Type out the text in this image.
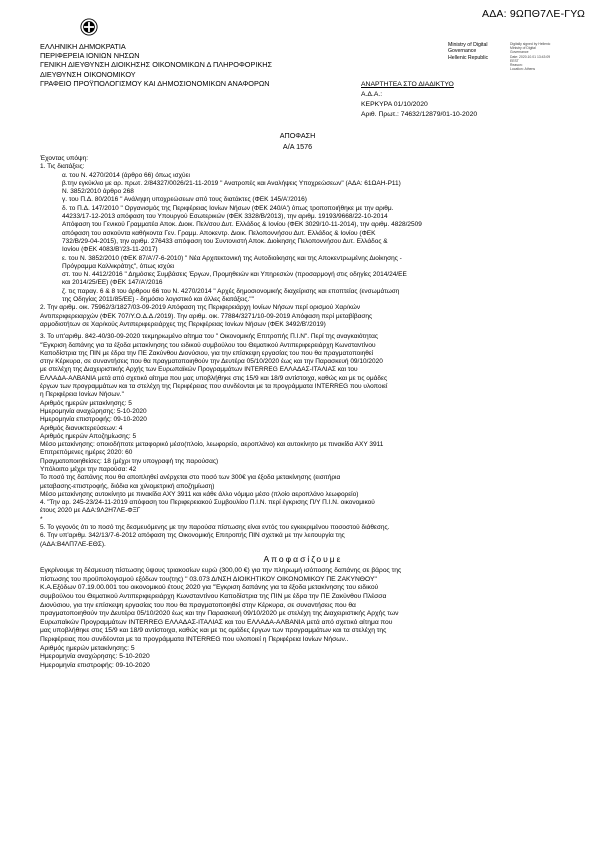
ΑΔΑ: 9ΩΠΘ7ΛΕ-ΓΥΩ
ΕΛΛΗΝΙΚΗ ΔΗΜΟΚΡΑΤΙΑ
ΠΕΡΙΦΕΡΕΙΑ ΙΟΝΙΩΝ ΝΗΣΩΝ
ΓΕΝΙΚΗ ΔΙΕΥΘΥΝΣΗ ΔΙΟΙΚΗΣΗΣ ΟΙΚΟΝΟΜΙΚΩΝ Δ ΠΛΗΡΟΦΟΡΙΚΗΣ
ΔΙΕΥΘΥΝΣΗ ΟΙΚΟΝΟΜΙΚΟΥ
ΓΡΑΦΕΙΟ ΠΡΟΫΠΟΛΟΓΙΣΜΟΥ ΚΑΙ ΔΗΜΟΣΙΟΝΟΜΙΚΩΝ ΑΝΑΦΟΡΩΝ
Ministry of Digital
Governance
Hellenic Republic
Digitally signed by Hellenic
Ministry of Digital
Governance
Date: 2020.10.01 13:43:09
EEST
Reason:
Location: Athens
ΑΝΑΡΤΗΤΕΑ ΣΤΟ ΔΙΑΔΙΚΤΥΟ
Α.Δ.Α.:
ΚΕΡΚΥΡΑ 01/10/2020
Αριθ. Πρωτ.: 74632/12879/01-10-2020
ΑΠΟΦΑΣΗ
Α/Α 1576

Έχοντας υπόψη:

1. Τις διατάξεις:

α. του Ν. 4270/2014 (άρθρο 66) όπως ισχύει

β.την εγκύκλιο με αρ. πρωτ. 2/84327/0026/21-11-2019 " Ανατροπές και Αναλήψεις Υποχρεώσεων" (ΑΔΑ: 61ΩΑΗ-Ρ11)

Ν. 3852/2010 άρθρο 268

γ. του Π.Δ. 80/2016 " Ανάληψη υποχρεώσεων από τους διατάκτες (ΦΕΚ 145/Α'/2016)

δ. το Π.Δ. 147/2010 " Οργανισμός της Περιφέρειας Ιονίων Νήσων (ΦΕΚ 240/Α') όπως τροποποιήθηκε με την αριθμ.

44233/17-12-2013 απόφαση του Υπουργού Εσωτερικών (ΦΕΚ 3328/Β/2013), την αριθμ. 19193/9668/22-10-2014

Απόφαση του Γενικού Γραμματέα Αποκ. Διοικ. Πελ/σου Δυτ. Ελλάδος & Ιονίου (ΦΕΚ 3029/10-11-2014), την αριθμ. 4828/2509

απόφαση του ασκούντα καθήκοντα Γεν. Γραμμ. Αποκεντρ. Διοικ. Πελοποννήσου Δυτ. Ελλάδος & Ιονίου (ΦΕΚ

732/Β/29-04-2015), την αριθμ. 276433 απόφαση του Συντονιστή Αποκ. Διοίκησης Πελοποννήσου Δυτ. Ελλάδος &

Ιονίου (ΦΕΚ 4083/Β'/23-11-2017)

ε. του Ν. 3852/2010 (ΦΕΚ 87/Α'/7-6-2010) " Νέα Αρχιτεκτονική της Αυτοδιοίκησης και της Αποκεντρωμένης Διοίκησης -

Πρόγραμμα Καλλικράτης", όπως ισχύει

στ. του Ν. 4412/2016 " Δημόσιες Συμβάσεις Έργων, Προμηθειών και Υπηρεσιών (προσαρμογή στις οδηγίες 2014/24/ΕΕ

και 2014/25/ΕΕ) (ΦΕΚ 147/Α'/2016

ζ. τις παραγ. 6 & 8 του άρθρου 66 του Ν. 4270/2014 " Αρχές δημοσιονομικής διαχείρισης και εποπτείας (ενσωμάτωση

της Οδηγίας 2011/85/ΕΕ) - δημόσιο λογιστικό και άλλες διατάξεις.""

2. Την αριθμ. οικ. 75962/3/1827/03-09-2019 Απόφαση της Περιφερειάρχη Ιονίων Νήσων περί ορισμού Χαρ/κών

Αντιπεριφερειαρχών (ΦΕΚ 707/Υ.Ο.Δ.Δ./2019). Την αριθμ. οικ. 77884/3271/10-09-2019 Απόφαση περί μεταβίβασης

αρμοδιοτήτων σε Χαρ/κούς Αντιπεριφερειάρχες της Περιφέρειας Ιονίων Νήσων (ΦΕΚ 3492/Β'/2019)

3. Το υπ'αριθμ. 842-40/30-09-2020 τεκμηριωμένο αίτημα του " Οικονομικής Επιτροπής Π.Ι.Ν". Περί της αναγκαιότητας

"Έγκριση δαπάνης για τα έξοδα μετακίνησης του ειδικού συμβούλου του Θεματικού Αντιπεριφερειάρχη Κωνσταντίνου

Καποδίστρια της ΠΙΝ με έδρα την ΠΕ Ζακύνθου Διονύσιου, για την επίσκεψη εργασίας του που θα πραγματοποιηθεί

στην Κέρκυρα, σε συναντήσεις που θα πραγματοποιηθούν την Δευτέρα 05/10/2020 έως και την Παρασκευή 09/10/2020

με στελέχη της Διαχειριστικής Αρχής των Ευρωπαϊκών Προγραμμάτων INTERREG ΕΛΛΑΔΑΣ-ΙΤΑΛΙΑΣ και του

ΕΛΛΑΔΑ-ΑΛΒΑΝΙΑ μετά από σχετικό αίτημα που μας υποβλήθηκε στις 15/9 και 18/9 αντίστοιχα, καθώς και με τις ομάδες

έργων των προγραμμάτων και τα στελέχη της Περιφέρειας που συνδέονται με τα προγράμματα INTERREG που υλοποιεί

η Περιφέρεια Ιονίων Νήσων."

Αριθμός ημερών μετακίνησης: 5

Ημερομηνία αναχώρησης: 5-10-2020

Ημερομηνία επιστροφής: 09-10-2020

Αριθμός διανυκτερεύσεων: 4

Αριθμός ημερών Αποζημίωσης: 5

Μέσο μετακίνησης: οποιοδήποτε μεταφορικό μέσο(πλοίο, λεωφορείο, αεροπλάνο) και αυτοκίνητο με πινακίδα ΑΧΥ 3911

Επιτρεπόμενες ημέρες 2020: 60

Πραγματοποιηθείσες: 18 (μέχρι την υπογραφή της παρούσας)

Υπόλοιπο μέχρι την παρούσα: 42

Το ποσό της δαπάνης που θα αποπληθεί ανέρχεται στο ποσό των 300€ για έξοδα μετακίνησης (εισιτήρια

μεταβασης-επιστροφής, διόδια και χιλιομετρική αποζημίωση)

Μέσο μετακίνησης αυτοκίνητο με πινακίδα ΑΧΥ 3911 και κάθε άλλο νόμιμο μέσο (πλοίο αεροπλάνο λεωφορείο)

4. "Την αρ. 245-23/24-11-2019 απόφαση του Περιφερειακού Συμβουλίου Π.Ι.Ν. περί έγκρισης Π/Υ Π.Ι.Ν. οικονομικού

έτους 2020 με ΑΔΑ:9Λ2Η7ΛΕ-ΦΞΓ

*

5. Το γεγονός ότι το ποσό της δεσμευόμενης με την παρούσα πίστωσης είναι εντός του εγκεκριμένου ποσοστού διάθεσης.

6. Την υπ'αριθμ. 342/13/7-6-2012 απόφαση της Οικονομικής Επιτροπής ΠΙΝ σχετικά με την λειτουργία της

(ΑΔΑ:Β4ΛΠ7ΛΕ-ΕΘΣ).

Αποφασίζουμε

Εγκρίνουμε τη δέσμευση πίστωσης ύψους τριακοσίων ευρώ (300,00 €) για την πληρωμή ισόποσης δαπάνης σε βάρος της

πίστωσης του προϋπολογισμού εξόδων του(της) " 03.073 Δ/ΝΣΗ ΔΙΟΙΚΗΤΙΚΟΥ ΟΙΚΟΝΟΜΙΚΟΥ ΠΕ ΖΑΚΥΝΘΟΥ"

Κ.Α.Εξόδων 07.19.00.001 του οικονομικού έτους 2020 για "Έγκριση δαπάνης για τα έξοδα μετακίνησης του ειδικού

συμβούλου του Θεματικού Αντιπεριφερειάρχη Κωνσταντίνου Καποδίστρια της ΠΙΝ με έδρα την ΠΕ Ζακύνθου Πλέσσα

Διονύσιου, για την επίσκεψη εργασίας του που θα πραγματοποιηθεί στην Κέρκυρα, σε συναντήσεις που θα

πραγματοποιηθούν την Δευτέρα 05/10/2020 έως και την Παρασκευή 09/10/2020 με στελέχη της Διαχειριστικής Αρχής των

Ευρωπαϊκών Προγραμμάτων INTERREG ΕΛΛΑΔΑΣ-ΙΤΑΛΙΑΣ και του ΕΛΛΑΔΑ-ΑΛΒΑΝΙΑ μετά από σχετικό αίτημα που

μας υποβλήθηκε στις 15/9 και 18/9 αντίστοιχα, καθώς και με τις ομάδες έργων των προγραμμάτων και τα στελέχη της

Περιφέρειας που συνδέονται με τα προγράμματα INTERREG που υλοποιεί η Περιφέρεια Ιονίων Νήσων..

Αριθμός ημερών μετακίνησης: 5

Ημερομηνία αναχώρησης: 5-10-2020

Ημερομηνία επιστροφής: 09-10-2020
